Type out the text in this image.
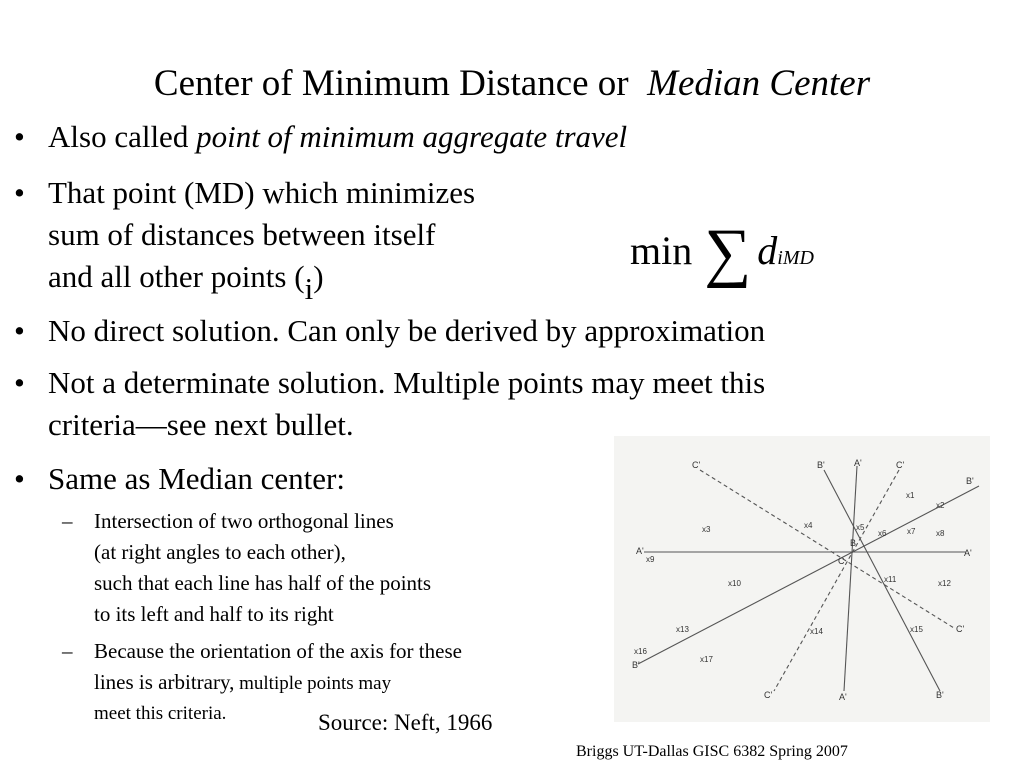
Center of Minimum Distance or Median Center
• Also called point of minimum aggregate travel
• That point (MD) which minimizes
sum of distances between itself
and all other points (i)
min ∑ diMD
• No direct solution. Can only be derived by approximation
• Not a determinate solution. Multiple points may meet this
criteria—see next bullet.
• Same as Median center:
– Intersection of two orthogonal lines
(at right angles to each other),
such that each line has half of the points
to its left and half to its right
– Because the orientation of the axis for these
lines is arbitrary, multiple points may
meet this criteria.
C'	C'
B'
B'
B'
B'
A'
A'
A'	A'
C'
C'
x1
x2
x3	x4	x5
x6	x7	x8
x9
x10	x11	x12
x13	x14	x15
x16
x17
B
C
Source: Neft, 1966
Briggs UT-Dallas GISC 6382 Spring 2007
